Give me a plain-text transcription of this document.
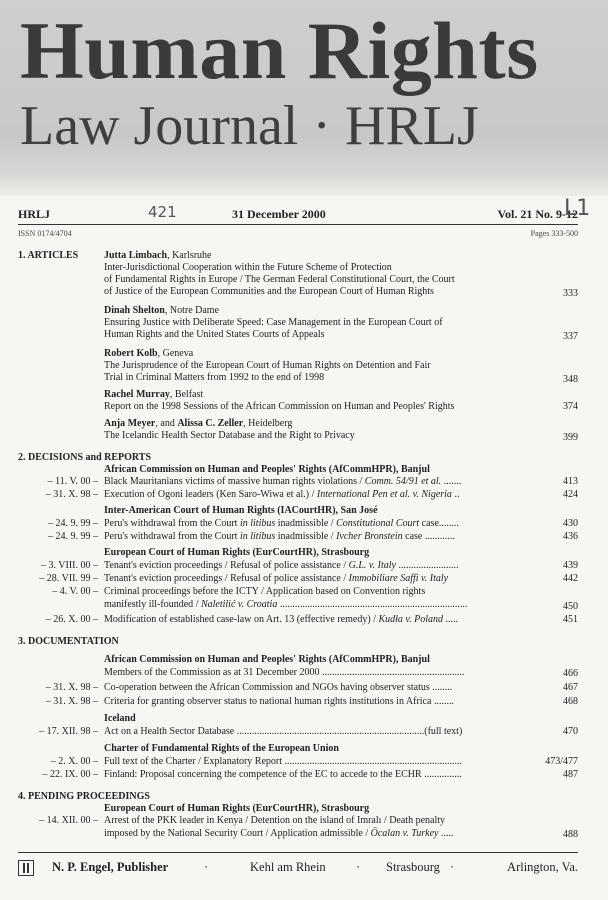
Human Rights
Law Journal · HRLJ
HRLJ	421	31 December 2000	Vol. 21 No. 9-12
L1
ISSN 0174/4704	Pages 333-500
1. ARTICLES	Jutta Limbach, Karlsruhe
Inter-Jurisdictional Cooperation within the Future Scheme of Protection
of Fundamental Rights in Europe / The German Federal Constitutional Court, the Court
of Justice of the European Communities and the European Court of Human Rights	333
Dinah Shelton, Notre Dame
Ensuring Justice with Deliberate Speed: Case Management in the European Court of
Human Rights and the United States Courts of Appeals	337
Robert Kolb, Geneva
The Jurisprudence of the European Court of Human Rights on Detention and Fair
Trial in Criminal Matters from 1992 to the end of 1998	348
Rachel Murray, Belfast
Report on the 1998 Sessions of the African Commission on Human and Peoples' Rights	374
Anja Meyer, and Alissa C. Zeller, Heidelberg
The Icelandic Health Sector Database and the Right to Privacy	399
2. DECISIONS and REPORTS
African Commission on Human and Peoples' Rights (AfCommHPR), Banjul
– 11. V. 00 – Black Mauritanians victims of massive human rights violations / Comm. 54/91 et al. .......	413
– 31. X. 98 – Execution of Ogoni leaders (Ken Saro-Wiwa et al.) / International Pen et al. v. Nigeria ..	424
Inter-American Court of Human Rights (IACourtHR), San José
– 24. 9. 99 – Peru's withdrawal from the Court in litibus inadmissible / Constitutional Court case........	430
– 24. 9. 99 – Peru's withdrawal from the Court in litibus inadmissible / Ivcher Bronstein case ............	436
European Court of Human Rights (EurCourtHR), Strasbourg
– 3. VIII. 00 – Tenant's eviction proceedings / Refusal of police assistance / G.L. v. Italy ........................	439
– 28. VII. 99 – Tenant's eviction proceedings / Refusal of police assistance / Immobiliare Saffi v. Italy	442
– 4. V. 00 – Criminal proceedings before the ICTY / Application based on Convention rights
manifestly ill-founded / Naletilić v. Croatia ...........................................................................	450
– 26. X. 00 – Modification of established case-law on Art. 13 (effective remedy) / Kudła v. Poland .....	451
3. DOCUMENTATION
African Commission on Human and Peoples' Rights (AfCommHPR), Banjul
Members of the Commission as at 31 December 2000 .........................................................	466
– 31. X. 98 – Co-operation between the African Commission and NGOs having observer status ........	467
– 31. X. 98 – Criteria for granting observer status to national human rights institutions in Africa ........	468
Iceland
– 17. XII. 98 – Act on a Health Sector Database ...........................................................................(full text)	470
Charter of Fundamental Rights of the European Union
– 2. X. 00 – Full text of the Charter / Explanatory Report .......................................................................	473/477
– 22. IX. 00 – Finland: Proposal concerning the competence of the EC to accede to the ECHR ...............	487
4. PENDING PROCEEDINGS
European Court of Human Rights (EurCourtHR), Strasbourg
– 14. XII. 00 – Arrest of the PKK leader in Kenya / Detention on the island of Imralı / Death penalty
imposed by the National Security Court / Application admissible / Öcalan v. Turkey .....	488
N. P. Engel, Publisher	·	Kehl am Rhein · Strasbourg ·	Arlington, Va.
